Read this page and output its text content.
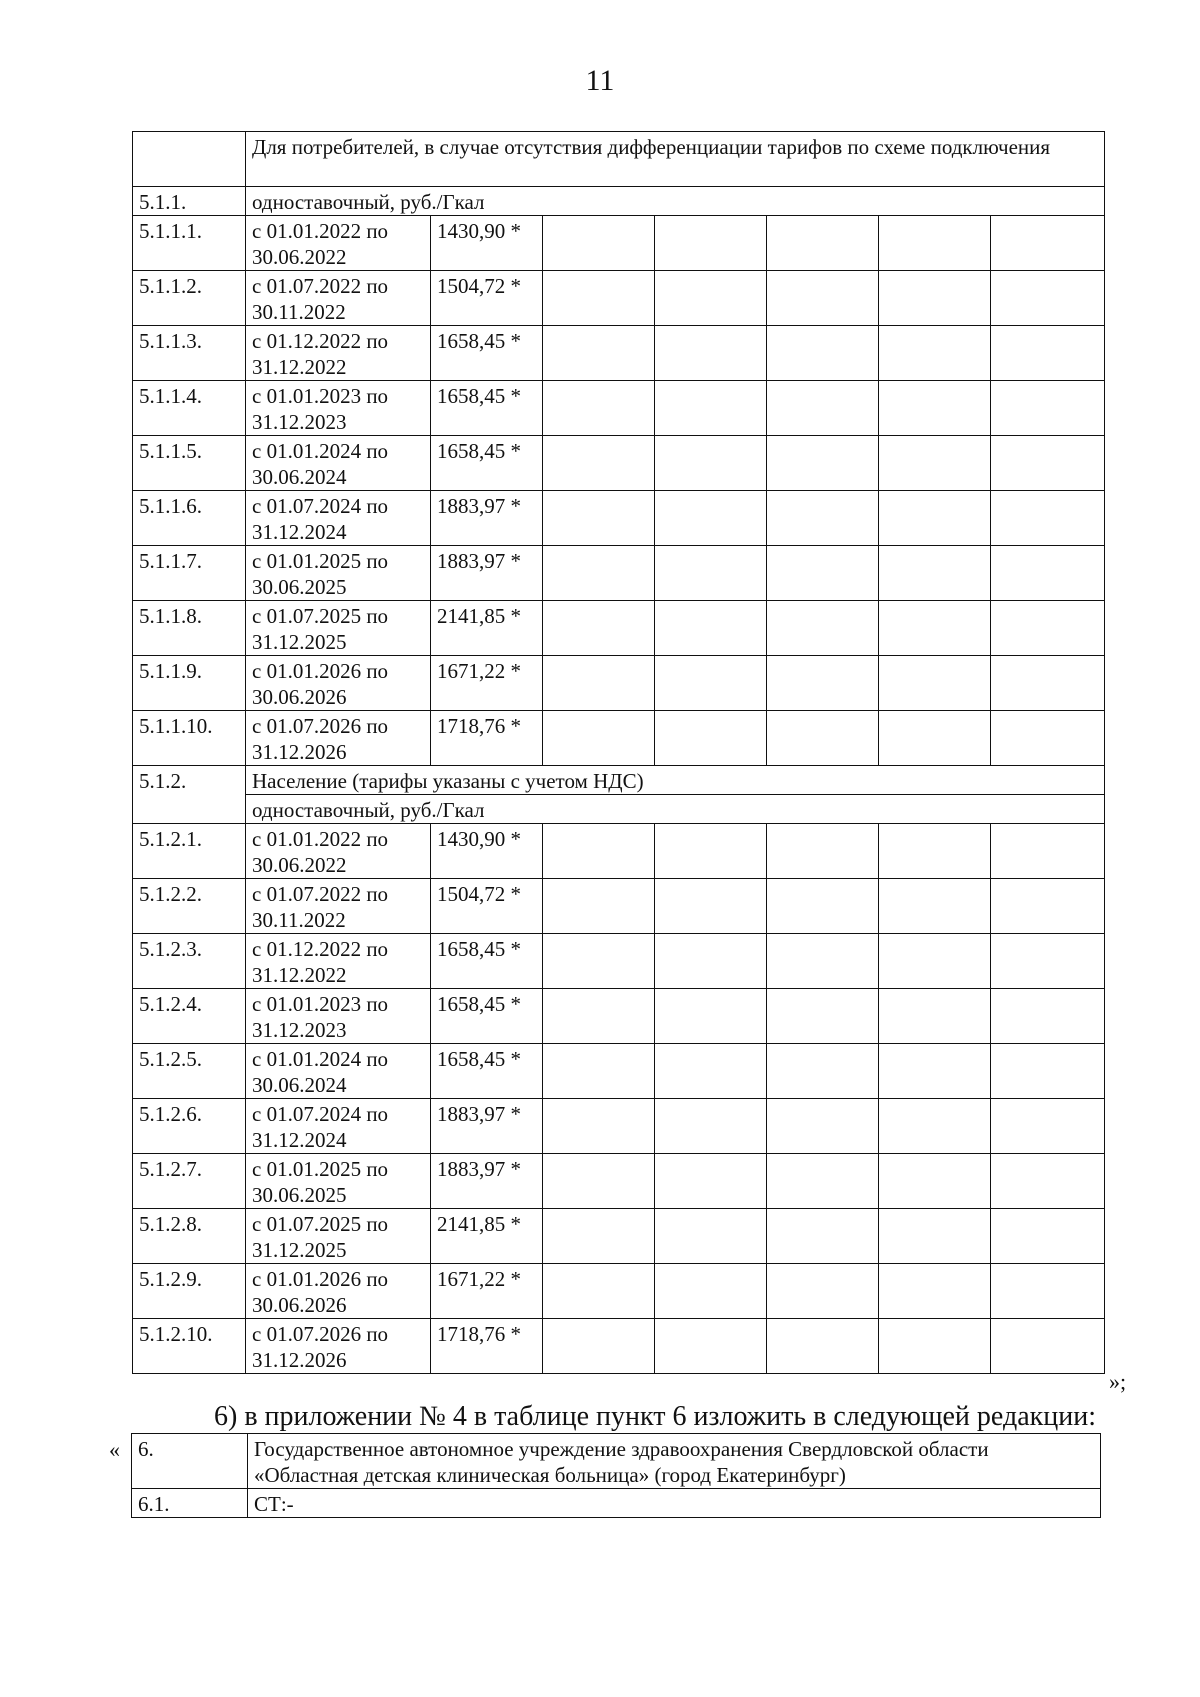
11
	Для потребителей, в случае отсутствия дифференциации тарифов по схеме подключения						
5.1.1.	одноставочный, руб./Гкал						
5.1.1.1.	с 01.01.2022 по 30.06.2022	1430,90 *					
5.1.1.2.	с 01.07.2022 по 30.11.2022	1504,72 *					
5.1.1.3.	с 01.12.2022 по 31.12.2022	1658,45 *					
5.1.1.4.	с 01.01.2023 по 31.12.2023	1658,45 *					
5.1.1.5.	с 01.01.2024 по 30.06.2024	1658,45 *					
5.1.1.6.	с 01.07.2024 по 31.12.2024	1883,97 *					
5.1.1.7.	с 01.01.2025 по 30.06.2025	1883,97 *					
5.1.1.8.	с 01.07.2025 по 31.12.2025	2141,85 *					
5.1.1.9.	с 01.01.2026 по 30.06.2026	1671,22 *					
5.1.1.10.	с 01.07.2026 по 31.12.2026	1718,76 *					
5.1.2.	Население (тарифы указаны с учетом НДС)						
	одноставочный, руб./Гкал						
5.1.2.1.	с 01.01.2022 по 30.06.2022	1430,90 *					
5.1.2.2.	с 01.07.2022 по 30.11.2022	1504,72 *					
5.1.2.3.	с 01.12.2022 по 31.12.2022	1658,45 *					
5.1.2.4.	с 01.01.2023 по 31.12.2023	1658,45 *					
5.1.2.5.	с 01.01.2024 по 30.06.2024	1658,45 *					
5.1.2.6.	с 01.07.2024 по 31.12.2024	1883,97 *					
5.1.2.7.	с 01.01.2025 по 30.06.2025	1883,97 *					
5.1.2.8.	с 01.07.2025 по 31.12.2025	2141,85 *					
5.1.2.9.	с 01.01.2026 по 30.06.2026	1671,22 *					
5.1.2.10.	с 01.07.2026 по 31.12.2026	1718,76 *					
»;
6) в приложении № 4 в таблице пункт 6 изложить в следующей редакции:
« 6.	Государственное автономное учреждение здравоохранения Свердловской области «Областная детская клиническая больница» (город Екатеринбург)
6.1.	СТ:-
